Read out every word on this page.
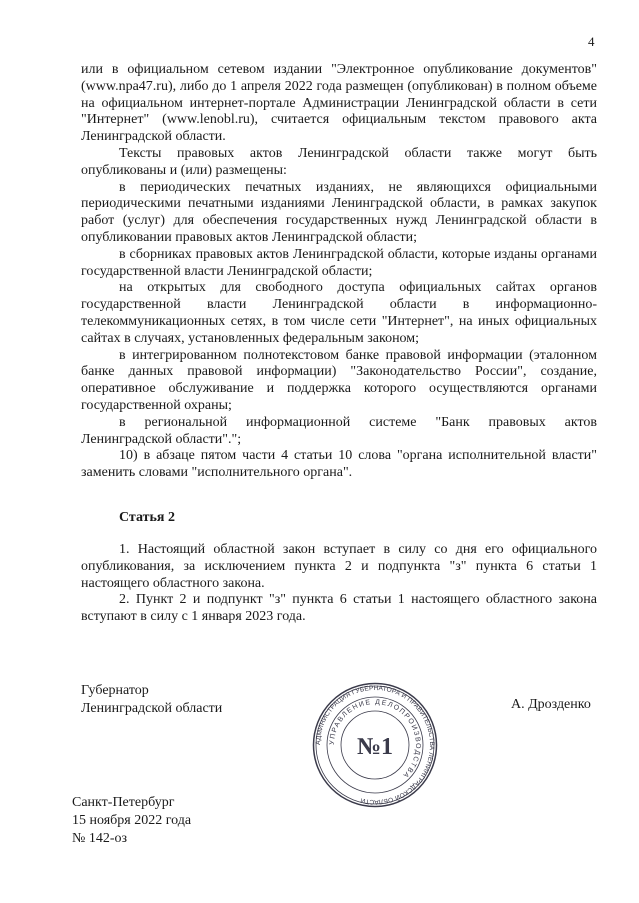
4

или в официальном сетевом издании "Электронное опубликование документов" (www.npa47.ru), либо до 1 апреля 2022 года размещен (опубликован) в полном объеме на официальном интернет-портале Администрации Ленинградской области в сети "Интернет" (www.lenobl.ru), считается официальным текстом правового акта Ленинградской области.

Тексты правовых актов Ленинградской области также могут быть опубликованы и (или) размещены:

в периодических печатных изданиях, не являющихся официальными периодическими печатными изданиями Ленинградской области, в рамках закупок работ (услуг) для обеспечения государственных нужд Ленинградской области в опубликовании правовых актов Ленинградской области;

в сборниках правовых актов Ленинградской области, которые изданы органами государственной власти Ленинградской области;

на открытых для свободного доступа официальных сайтах органов государственной власти Ленинградской области в информационно-телекоммуникационных сетях, в том числе сети "Интернет", на иных официальных сайтах в случаях, установленных федеральным законом;

в интегрированном полнотекстовом банке правовой информации (эталонном банке данных правовой информации) "Законодательство России", создание, оперативное обслуживание и поддержка которого осуществляются органами государственной охраны;

в региональной информационной системе "Банк правовых актов Ленинградской области".";

10) в абзаце пятом части 4 статьи 10 слова "органа исполнительной власти" заменить словами "исполнительного органа".

Статья 2

1. Настоящий областной закон вступает в силу со дня его официального опубликования, за исключением пункта 2 и подпункта "з" пункта 6 статьи 1 настоящего областного закона.

2. Пункт 2 и подпункт "з" пункта 6 статьи 1 настоящего областного закона вступают в силу с 1 января 2023 года.

Губернатор
Ленинградской области	А. Дрозденко
АДМИНИСТРАЦИЯ ГУБЕРНАТОРА И ПРАВИТЕЛЬСТВА ЛЕНИНГРАДСКОЙ ОБЛАСТИ
УПРАВЛЕНИЕ ДЕЛОПРОИЗВОДСТВА
№1
Санкт-Петербург
15 ноября 2022 года
№ 142-оз
